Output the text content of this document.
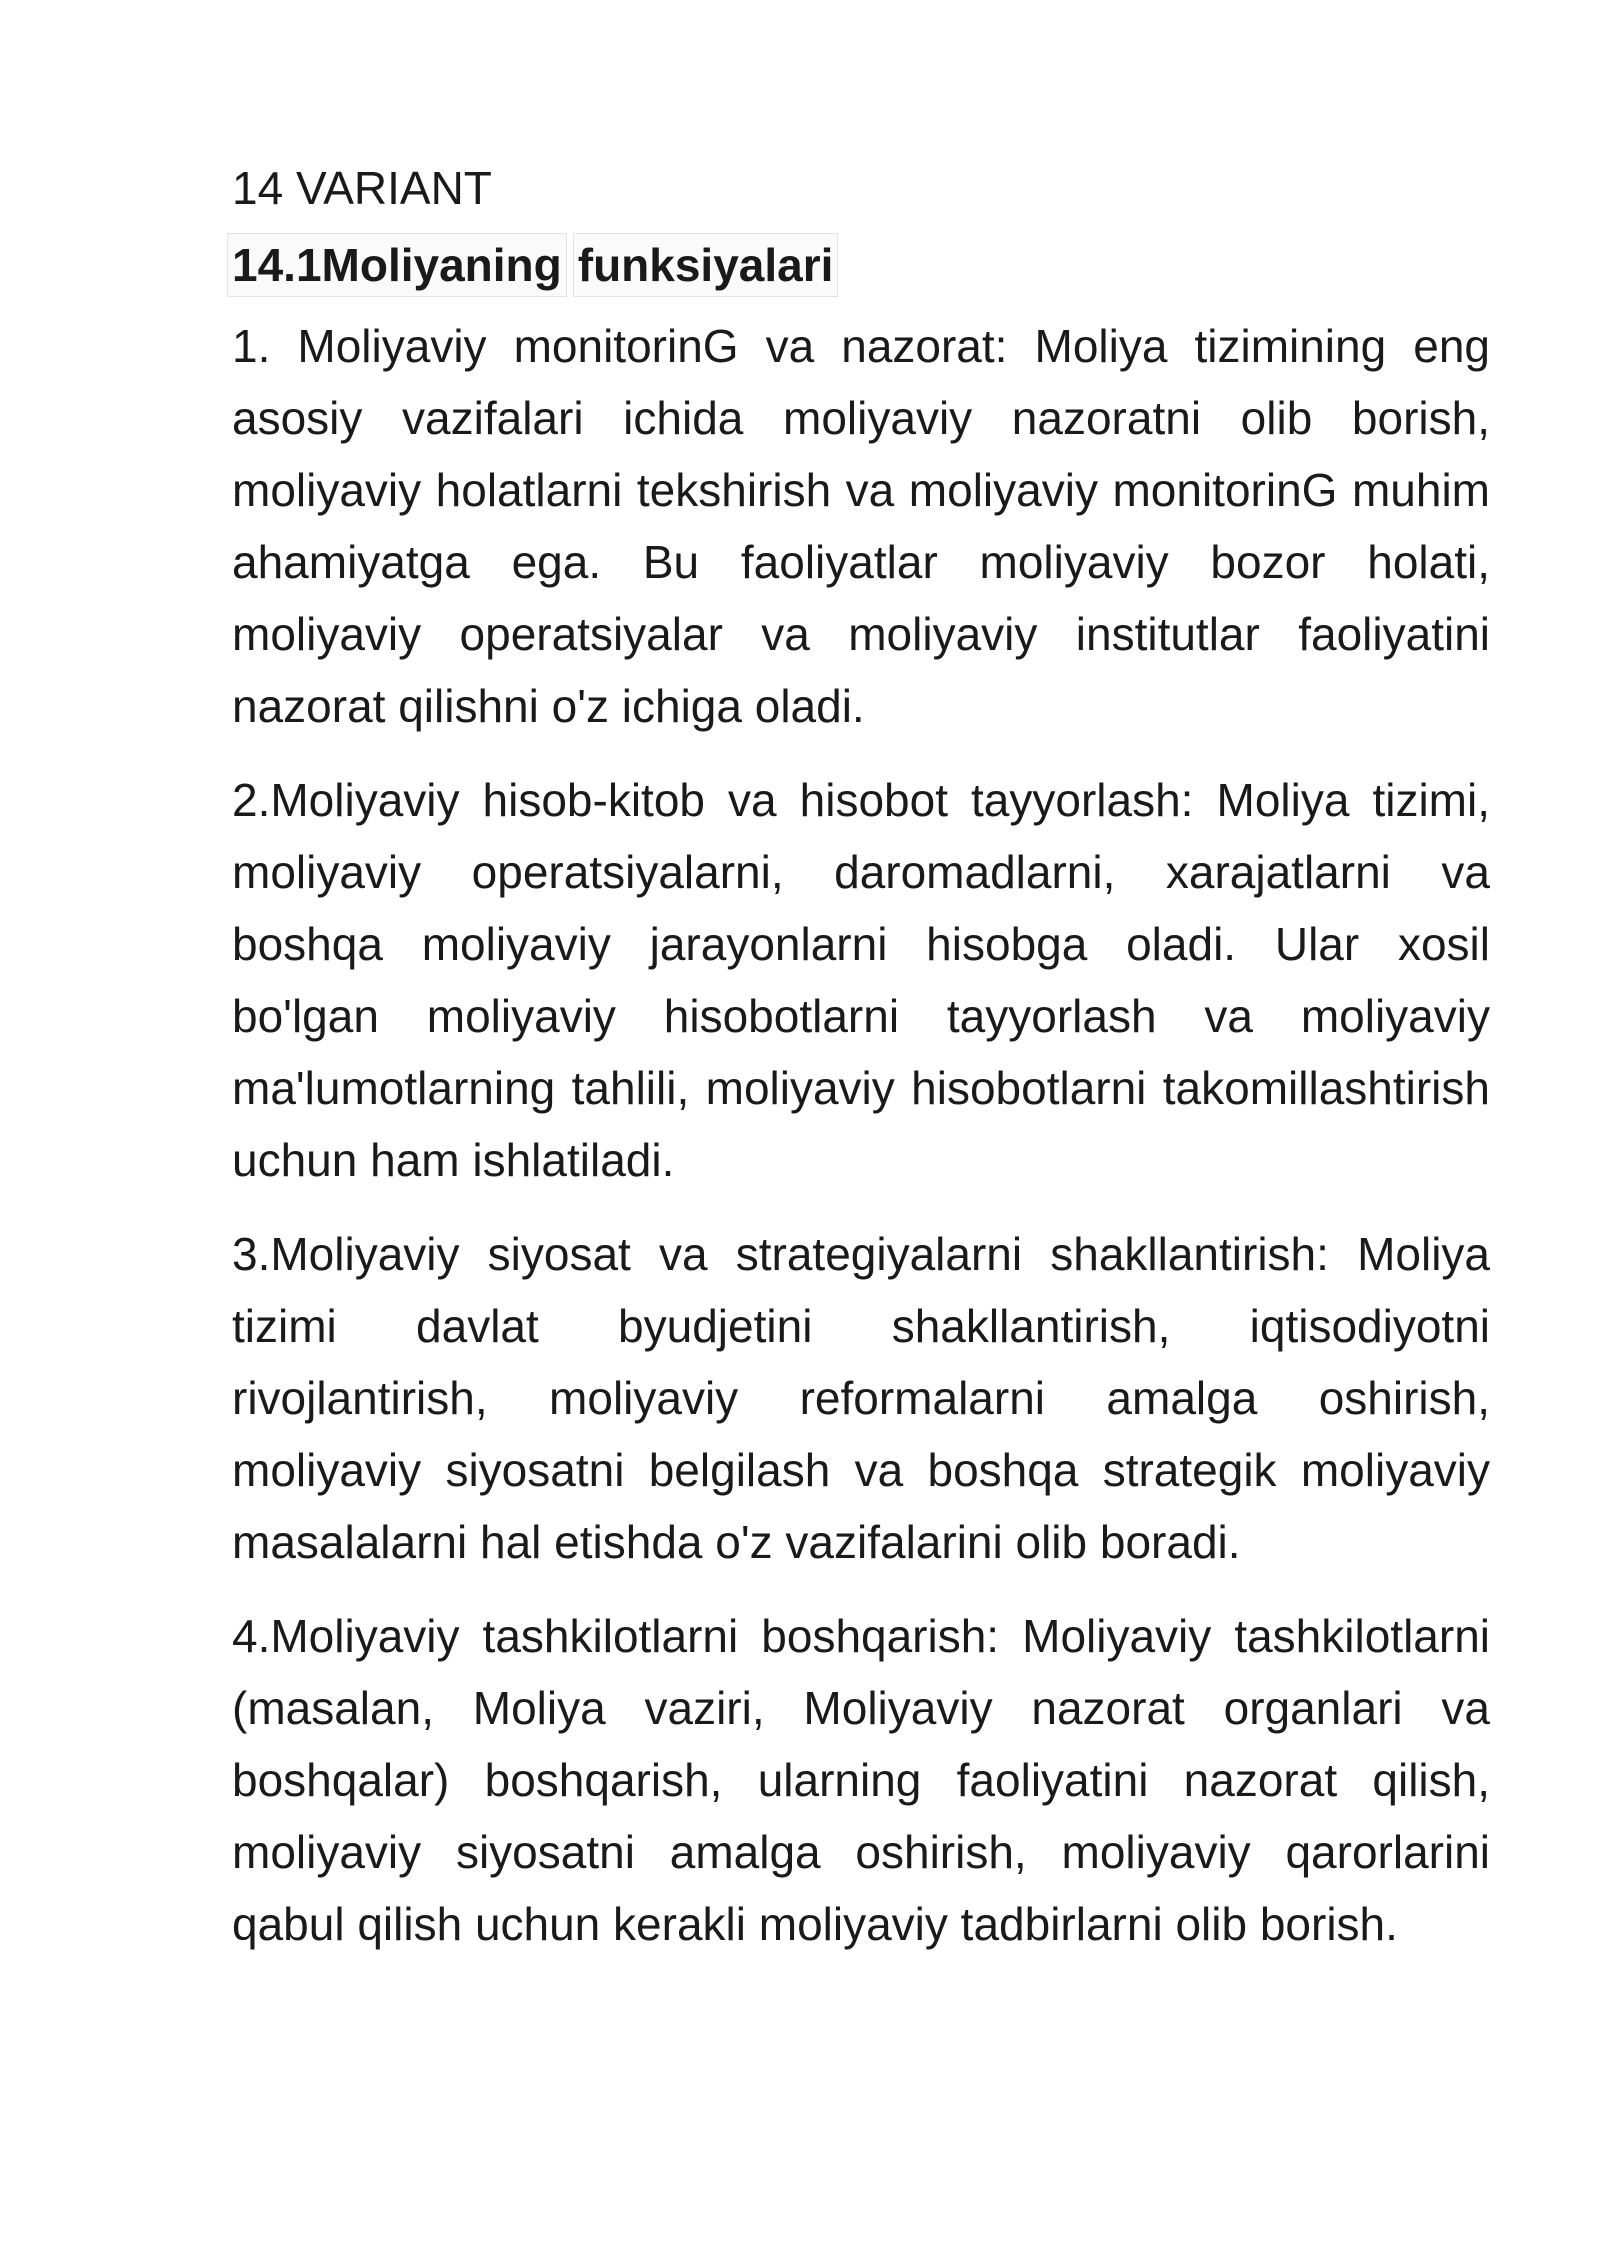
14 VARIANT
14.1Moliyaning funksiyalari

1. Moliyaviy monitorinG va nazorat: Moliya tizimining eng asosiy vazifalari ichida moliyaviy nazoratni olib borish, moliyaviy holatlarni tekshirish va moliyaviy monitorinG muhim ahamiyatga ega. Bu faoliyatlar moliyaviy bozor holati, moliyaviy operatsiyalar va moliyaviy institutlar faoliyatini nazorat qilishni o'z ichiga oladi.

2.Moliyaviy hisob-kitob va hisobot tayyorlash: Moliya tizimi, moliyaviy operatsiyalarni, daromadlarni, xarajatlarni va boshqa moliyaviy jarayonlarni hisobga oladi. Ular xosil bo'lgan moliyaviy hisobotlarni tayyorlash va moliyaviy ma'lumotlarning tahlili, moliyaviy hisobotlarni takomillashtirish uchun ham ishlatiladi.

3.Moliyaviy siyosat va strategiyalarni shakllantirish: Moliya tizimi davlat byudjetini shakllantirish, iqtisodiyotni rivojlantirish, moliyaviy reformalarni amalga oshirish, moliyaviy siyosatni belgilash va boshqa strategik moliyaviy masalalarni hal etishda o'z vazifalarini olib boradi.

4.Moliyaviy tashkilotlarni boshqarish: Moliyaviy tashkilotlarni (masalan, Moliya vaziri, Moliyaviy nazorat organlari va boshqalar) boshqarish, ularning faoliyatini nazorat qilish, moliyaviy siyosatni amalga oshirish, moliyaviy qarorlarini qabul qilish uchun kerakli moliyaviy tadbirlarni olib borish.
